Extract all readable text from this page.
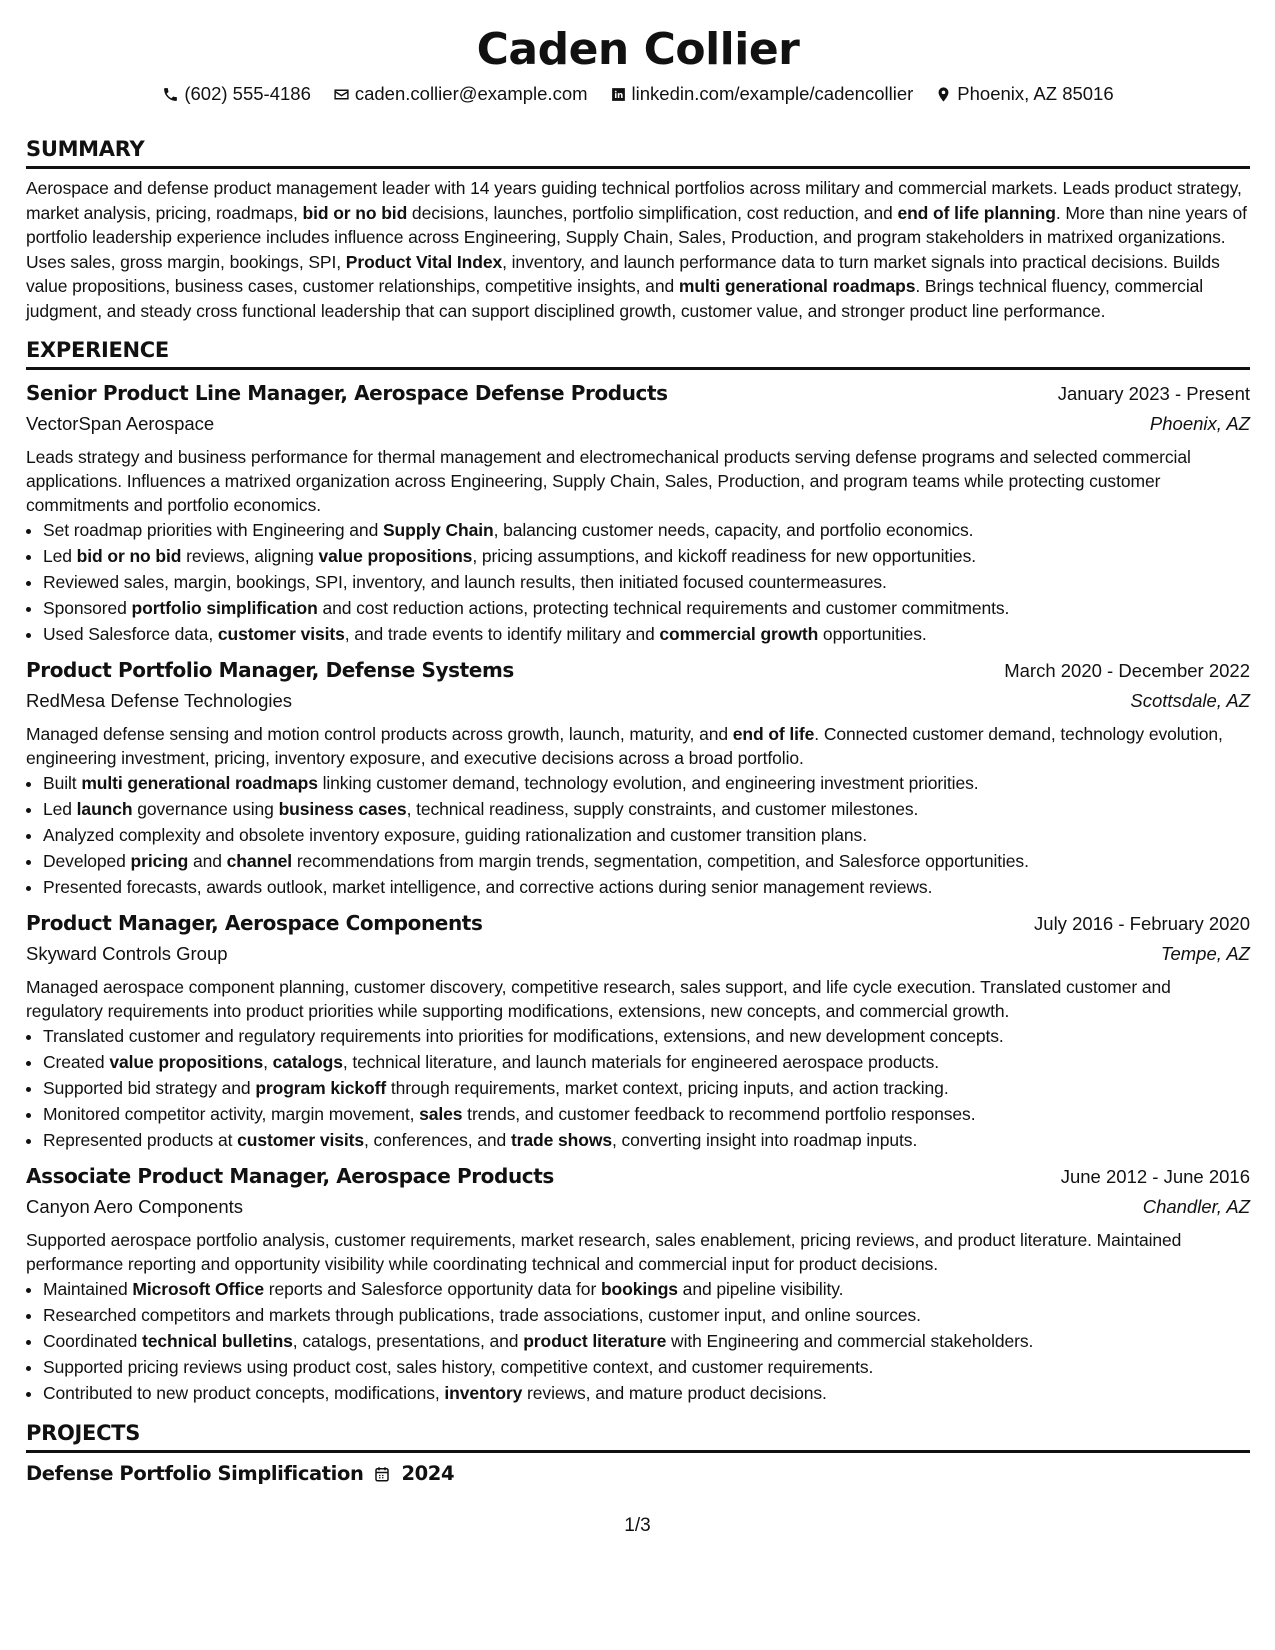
Caden Collier
(602) 555-4186 caden.collier@example.com linkedin.com/example/cadencollier Phoenix, AZ 85016
SUMMARY
Aerospace and defense product management leader with 14 years guiding technical portfolios across military and commercial markets. Leads product strategy, market analysis, pricing, roadmaps, bid or no bid decisions, launches, portfolio simplification, cost reduction, and end of life planning. More than nine years of portfolio leadership experience includes influence across Engineering, Supply Chain, Sales, Production, and program stakeholders in matrixed organizations. Uses sales, gross margin, bookings, SPI, Product Vital Index, inventory, and launch performance data to turn market signals into practical decisions. Builds value propositions, business cases, customer relationships, competitive insights, and multi generational roadmaps. Brings technical fluency, commercial judgment, and steady cross functional leadership that can support disciplined growth, customer value, and stronger product line performance.
EXPERIENCE
Senior Product Line Manager, Aerospace Defense Products	January 2023 - Present
VectorSpan Aerospace	Phoenix, AZ
Leads strategy and business performance for thermal management and electromechanical products serving defense programs and selected commercial applications. Influences a matrixed organization across Engineering, Supply Chain, Sales, Production, and program teams while protecting customer commitments and portfolio economics.
• Set roadmap priorities with Engineering and Supply Chain, balancing customer needs, capacity, and portfolio economics.
• Led bid or no bid reviews, aligning value propositions, pricing assumptions, and kickoff readiness for new opportunities.
• Reviewed sales, margin, bookings, SPI, inventory, and launch results, then initiated focused countermeasures.
• Sponsored portfolio simplification and cost reduction actions, protecting technical requirements and customer commitments.
• Used Salesforce data, customer visits, and trade events to identify military and commercial growth opportunities.
Product Portfolio Manager, Defense Systems	March 2020 - December 2022
RedMesa Defense Technologies	Scottsdale, AZ
Managed defense sensing and motion control products across growth, launch, maturity, and end of life. Connected customer demand, technology evolution, engineering investment, pricing, inventory exposure, and executive decisions across a broad portfolio.
• Built multi generational roadmaps linking customer demand, technology evolution, and engineering investment priorities.
• Led launch governance using business cases, technical readiness, supply constraints, and customer milestones.
• Analyzed complexity and obsolete inventory exposure, guiding rationalization and customer transition plans.
• Developed pricing and channel recommendations from margin trends, segmentation, competition, and Salesforce opportunities.
• Presented forecasts, awards outlook, market intelligence, and corrective actions during senior management reviews.
Product Manager, Aerospace Components	July 2016 - February 2020
Skyward Controls Group	Tempe, AZ
Managed aerospace component planning, customer discovery, competitive research, sales support, and life cycle execution. Translated customer and regulatory requirements into product priorities while supporting modifications, extensions, new concepts, and commercial growth.
• Translated customer and regulatory requirements into priorities for modifications, extensions, and new development concepts.
• Created value propositions, catalogs, technical literature, and launch materials for engineered aerospace products.
• Supported bid strategy and program kickoff through requirements, market context, pricing inputs, and action tracking.
• Monitored competitor activity, margin movement, sales trends, and customer feedback to recommend portfolio responses.
• Represented products at customer visits, conferences, and trade shows, converting insight into roadmap inputs.
Associate Product Manager, Aerospace Products	June 2012 - June 2016
Canyon Aero Components	Chandler, AZ
Supported aerospace portfolio analysis, customer requirements, market research, sales enablement, pricing reviews, and product literature. Maintained performance reporting and opportunity visibility while coordinating technical and commercial input for product decisions.
• Maintained Microsoft Office reports and Salesforce opportunity data for bookings and pipeline visibility.
• Researched competitors and markets through publications, trade associations, customer input, and online sources.
• Coordinated technical bulletins, catalogs, presentations, and product literature with Engineering and commercial stakeholders.
• Supported pricing reviews using product cost, sales history, competitive context, and customer requirements.
• Contributed to new product concepts, modifications, inventory reviews, and mature product decisions.
PROJECTS
Defense Portfolio Simplification 2024
1/3
